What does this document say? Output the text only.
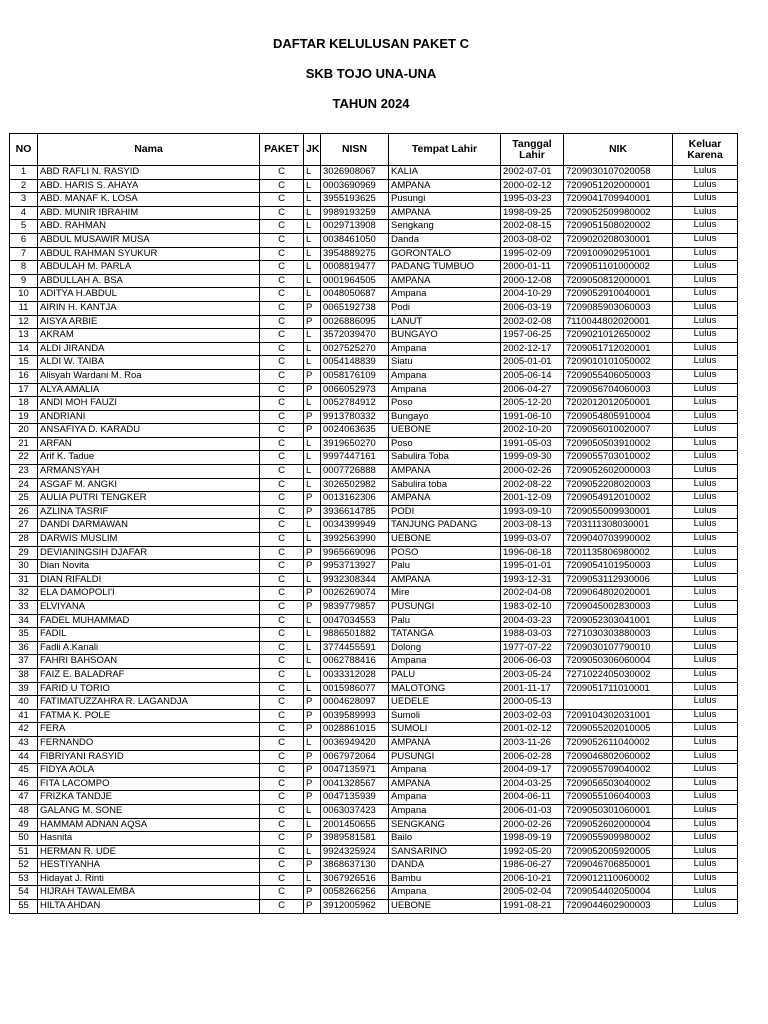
DAFTAR KELULUSAN PAKET C
SKB TOJO UNA-UNA
TAHUN 2024
NO	Nama	PAKET	JK	NISN	Tempat Lahir	Tanggal Lahir	NIK	Keluar Karena
1	ABD RAFLI N. RASYID	C	L	3026908067	KALIA	2002-07-01	7209030107020058	Lulus
2	ABD. HARIS S. AHAYA	C	L	0003690969	AMPANA	2000-02-12	7209051202000001	Lulus
3	ABD. MANAF K. LOSA	C	L	3955193625	Pusungi	1995-03-23	7209041709940001	Lulus
4	ABD. MUNIR IBRAHIM	C	L	9989193259	AMPANA	1998-09-25	7209052509980002	Lulus
5	ABD. RAHMAN	C	L	0029713908	Sengkang	2002-08-15	7209051508020002	Lulus
6	ABDUL MUSAWIR MUSA	C	L	0038461050	Danda	2003-08-02	7209020208030001	Lulus
7	ABDUL RAHMAN SYUKUR	C	L	3954889275	GORONTALO	1995-02-09	7209100902951001	Lulus
8	ABDULAH M. PARLA	C	L	0008819477	PADANG TUMBUO	2000-01-11	7209051101000002	Lulus
9	ABDULLAH A. BSA	C	L	0001964505	AMPANA	2000-12-08	7209050812000001	Lulus
10	ADITYA H.ABDUL	C	L	0048050687	Ampana	2004-10-29	7209052910040001	Lulus
11	AIRIN H. KANTJA	C	P	0065192738	Podi	2006-03-19	7209085903060003	Lulus
12	AISYA ARBIE	C	P	0026886095	LANUT	2002-02-08	7110044802020001	Lulus
13	AKRAM	C	L	3572039470	BUNGAYO	1957-06-25	7209021012650002	Lulus
14	ALDI JIRANDA	C	L	0027525270	Ampana	2002-12-17	7209051712020001	Lulus
15	ALDI W. TAIBA	C	L	0054148839	Siatu	2005-01-01	7209010101050002	Lulus
16	Alisyah Wardani M. Roa	C	P	0058176109	Ampana	2005-06-14	7209055406050003	Lulus
17	ALYA AMALIA	C	P	0066052973	Ampana	2006-04-27	7209056704060003	Lulus
18	ANDI MOH FAUZI	C	L	0052784912	Poso	2005-12-20	7202012012050001	Lulus
19	ANDRIANI	C	P	9913780332	Bungayo	1991-06-10	7209054805910004	Lulus
20	ANSAFIYA D. KARADU	C	P	0024063635	UEBONE	2002-10-20	7209056010020007	Lulus
21	ARFAN	C	L	3919650270	Poso	1991-05-03	7209050503910002	Lulus
22	Arif K. Tadue	C	L	9997447161	Sabulira Toba	1999-09-30	7209055703010002	Lulus
23	ARMANSYAH	C	L	0007726888	AMPANA	2000-02-26	7209052602000003	Lulus
24	ASGAF M. ANGKI	C	L	3026502982	Sabulira toba	2002-08-22	7209052208020003	Lulus
25	AULIA PUTRI TENGKER	C	P	0013162306	AMPANA	2001-12-09	7209054912010002	Lulus
26	AZLINA TASRIF	C	P	3936614785	PODI	1993-09-10	7209055009930001	Lulus
27	DANDI DARMAWAN	C	L	0034399949	TANJUNG PADANG	2003-08-13	7203111308030001	Lulus
28	DARWIS MUSLIM	C	L	3992563990	UEBONE	1999-03-07	7209040703990002	Lulus
29	DEVIANINGSIH DJAFAR	C	P	9965669096	POSO	1996-06-18	7201135806980002	Lulus
30	Dian Novita	C	P	9953713927	Palu	1995-01-01	7209054101950003	Lulus
31	DIAN RIFALDI	C	L	9932308344	AMPANA	1993-12-31	7209053112930006	Lulus
32	ELA DAMOPOLI'I	C	P	0026269074	Mire	2002-04-08	7209064802020001	Lulus
33	ELVIYANA	C	P	9839779857	PUSUNGI	1983-02-10	7209045002830003	Lulus
34	FADEL MUHAMMAD	C	L	0047034553	Palu	2004-03-23	7209052303041001	Lulus
35	FADIL	C	L	9886501882	TATANGA	1988-03-03	7271030303880003	Lulus
36	Fadli A.Kanali	C	L	3774455591	Dolong	1977-07-22	7209030107790010	Lulus
37	FAHRI BAHSOAN	C	L	0062788416	Ampana	2006-06-03	7209050306060004	Lulus
38	FAIZ E. BALADRAF	C	L	0033312028	PALU	2003-05-24	7271022405030002	Lulus
39	FARID U TORIO	C	L	0015986077	MALOTONG	2001-11-17	7209051711010001	Lulus
40	FATIMATUZZAHRA R. LAGANDJA	C	P	0004628097	UEDELE	2000-05-13		Lulus
41	FATMA K. POLE	C	P	0039589993	Sumoli	2003-02-03	7209104302031001	Lulus
42	FERA	C	P	0028861015	SUMOLI	2001-02-12	7209055202010005	Lulus
43	FERNANDO	C	L	0036949420	AMPANA	2003-11-26	7209052611040002	Lulus
44	FIBRIYANI RASYID	C	P	0067972064	PUSUNGI	2006-02-28	7209046802060002	Lulus
45	FIDYA AOLA	C	P	0047135971	Ampana	2004-09-17	7209055709040002	Lulus
46	FITA LACOMPO	C	P	0041328567	AMPANA	2004-03-25	7209056503040002	Lulus
47	FRIZKA TANDJE	C	P	0047135939	Ampana	2004-06-11	7209055106040003	Lulus
48	GALANG M. SONE	C	L	0063037423	Ampana	2006-01-03	7209050301060001	Lulus
49	HAMMAM ADNAN AQSA	C	L	2001450655	SENGKANG	2000-02-26	7209052602000004	Lulus
50	Hasnita	C	P	3989581581	Bailo	1998-09-19	7209055909980002	Lulus
51	HERMAN R. UDE	C	L	9924325924	SANSARINO	1992-05-20	7209052005920005	Lulus
52	HESTIYANHA	C	P	3868637130	DANDA	1986-06-27	7209046706850001	Lulus
53	Hidayat J. Rinti	C	L	3067926516	Bambu	2006-10-21	7209012110060002	Lulus
54	HIJRAH TAWALEMBA	C	P	0058266256	Ampana	2005-02-04	7209054402050004	Lulus
55	HILTA AHDAN	C	P	3912005962	UEBONE	1991-08-21	7209044602900003	Lulus
